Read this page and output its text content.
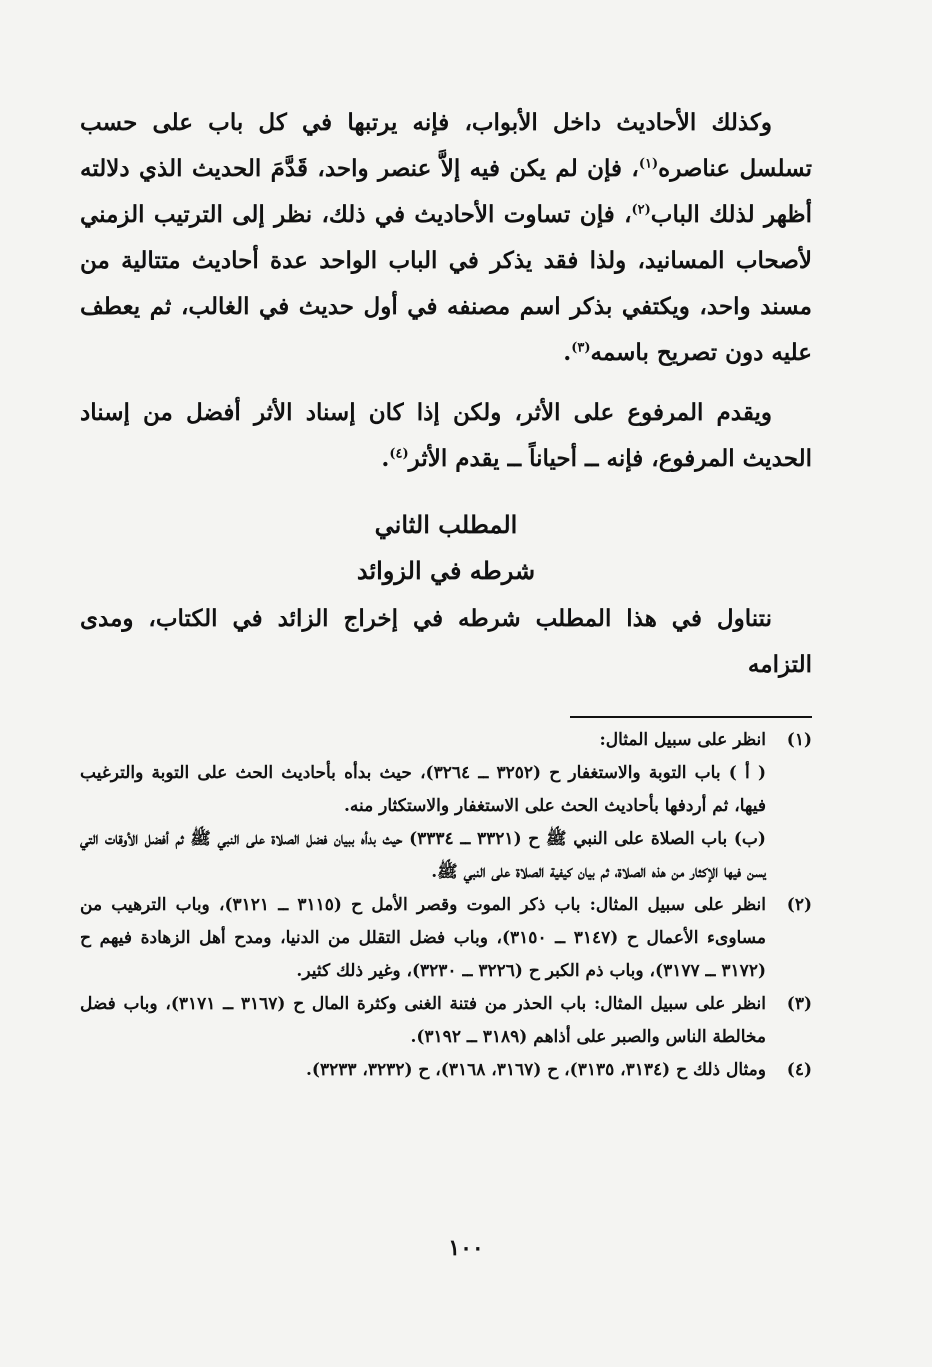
وكذلك الأحاديث داخل الأبواب، فإنه يرتبها في كل باب على حسب تسلسل عناصره$^{(١)}$، فإن لم يكن فيه إلاَّ عنصر واحد، قَدَّمَ الحديث الذي دلالته أظهر لذلك الباب$^{(٢)}$، فإن تساوت الأحاديث في ذلك، نظر إلى الترتيب الزمني لأصحاب المسانيد، ولذا فقد يذكر في الباب الواحد عدة أحاديث متتالية من مسند واحد، ويكتفي بذكر اسم مصنفه في أول حديث في الغالب، ثم يعطف عليه دون تصريح باسمه$^{(٣)}$.

ويقدم المرفوع على الأثر، ولكن إذا كان إسناد الأثر أفضل من إسناد الحديث المرفوع، فإنه ــ أحياناً ــ يقدم الأثر$^{(٤)}$.

المطلب الثاني

شرطه في الزوائد

نتناول في هذا المطلب شرطه في إخراج الزائد في الكتاب، ومدى التزامه

(١)

انظر على سبيل المثال:

( أ ) باب التوبة والاستغفار ح (٣٢٥٢ ــ ٣٢٦٤)، حيث بدأه بأحاديث الحث على التوبة والترغيب فيها، ثم أردفها بأحاديث الحث على الاستغفار والاستكثار منه.

(ب) باب الصلاة على النبي ﷺ ح (٣٣٢١ ــ ٣٣٣٤) حيث بدأه ببيان فضل الصلاة على النبي ﷺ ثم أفضل الأوقات التي يسن فيها الإكثار من هذه الصلاة، ثم بيان كيفية الصلاة على النبي ﷺ.

(٢)

انظر على سبيل المثال: باب ذكر الموت وقصر الأمل ح (٣١١٥ ــ ٣١٢١)، وباب الترهيب من مساوىء الأعمال ح (٣١٤٧ ــ ٣١٥٠)، وباب فضل التقلل من الدنيا، ومدح أهل الزهادة فيهم ح (٣١٧٢ ــ ٣١٧٧)، وباب ذم الكبر ح (٣٢٢٦ ــ ٣٢٣٠)، وغير ذلك كثير.

(٣)

انظر على سبيل المثال: باب الحذر من فتنة الغنى وكثرة المال ح (٣١٦٧ ــ ٣١٧١)، وباب فضل مخالطة الناس والصبر على أذاهم (٣١٨٩ ــ ٣١٩٢).

(٤)

ومثال ذلك ح (٣١٣٤، ٣١٣٥)، ح (٣١٦٧، ٣١٦٨)، ح (٣٢٣٢، ٣٢٣٣).

١٠٠
